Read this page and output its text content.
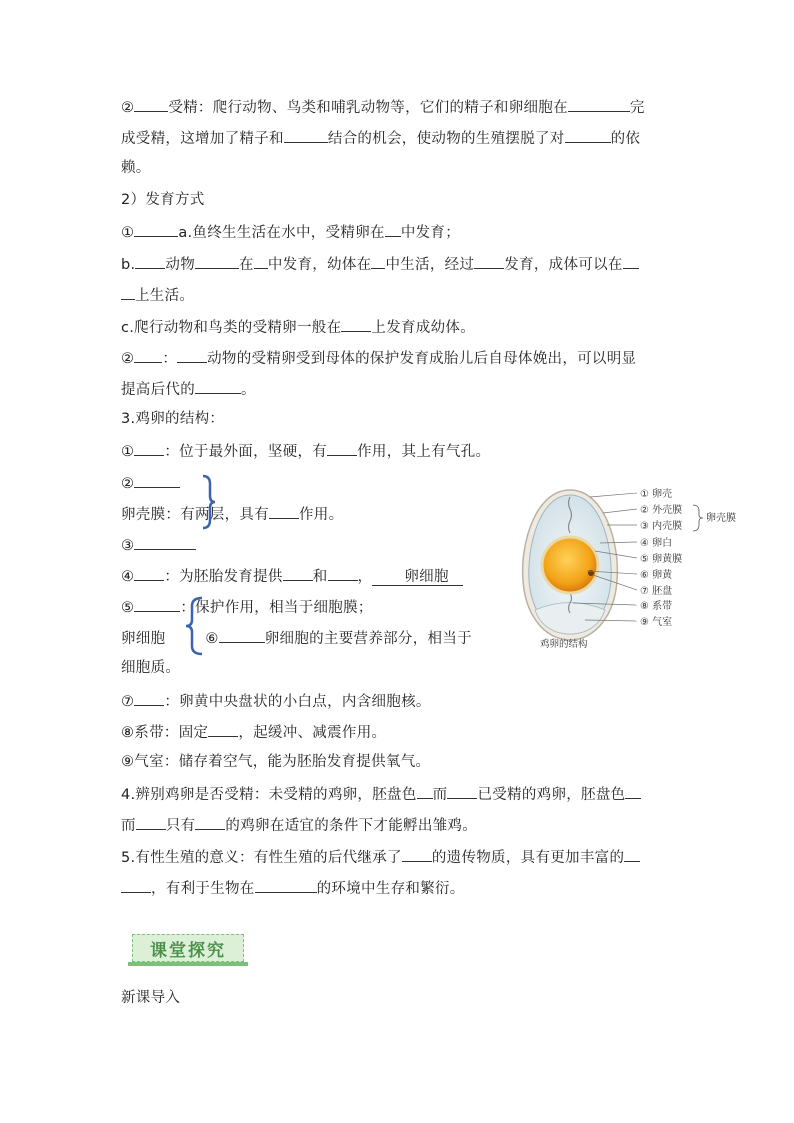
② 受精：爬行动物、鸟类和哺乳动物等，它们的精子和卵细胞在	完
成受精，这增加了精子和	结合的机会，使动物的生殖摆脱了对	的依
赖。
2）发育方式
①	a.鱼终生生活在水中，受精卵在 中发育；
b. 动物	在 中发育，幼体在 中生活，经过 发育，成体可以在
上生活。
c.爬行动物和鸟类的受精卵一般在 上发育成幼体。
② ： 动物的受精卵受到母体的保护发育成胎儿后自母体娩出，可以明显
提高后代的	。
3.鸡卵的结构：
① ：位于最外面，坚硬，有 作用，其上有气孔。
②
卵壳膜：有两层，具有 作用。
③
④ ：为胚胎发育提供 和 ， 卵细胞
⑤	：保护作用，相当于细胞膜；
卵细胞	⑥	卵细胞的主要营养部分，相当于
细胞质。
⑦ ：卵黄中央盘状的小白点，内含细胞核。
⑧系带：固定 ，起缓冲、减震作用。
⑨气室：储存着空气，能为胚胎发育提供氧气。
4.辨别鸡卵是否受精：未受精的鸡卵，胚盘色 而 已受精的鸡卵，胚盘色
而 只有 的鸡卵在适宜的条件下才能孵出雏鸡。
5.有性生殖的意义：有性生殖的后代继承了 的遗传物质，具有更加丰富的
，有利于生物在	的环境中生存和繁衍。
① 卵壳
② 外壳膜
③ 内壳膜
④ 卵白
⑤ 卵黄膜
⑥ 卵黄
⑦ 胚盘
⑧ 系带
⑨ 气室
卵壳膜
鸡卵的结构
课堂探究
新课导入
